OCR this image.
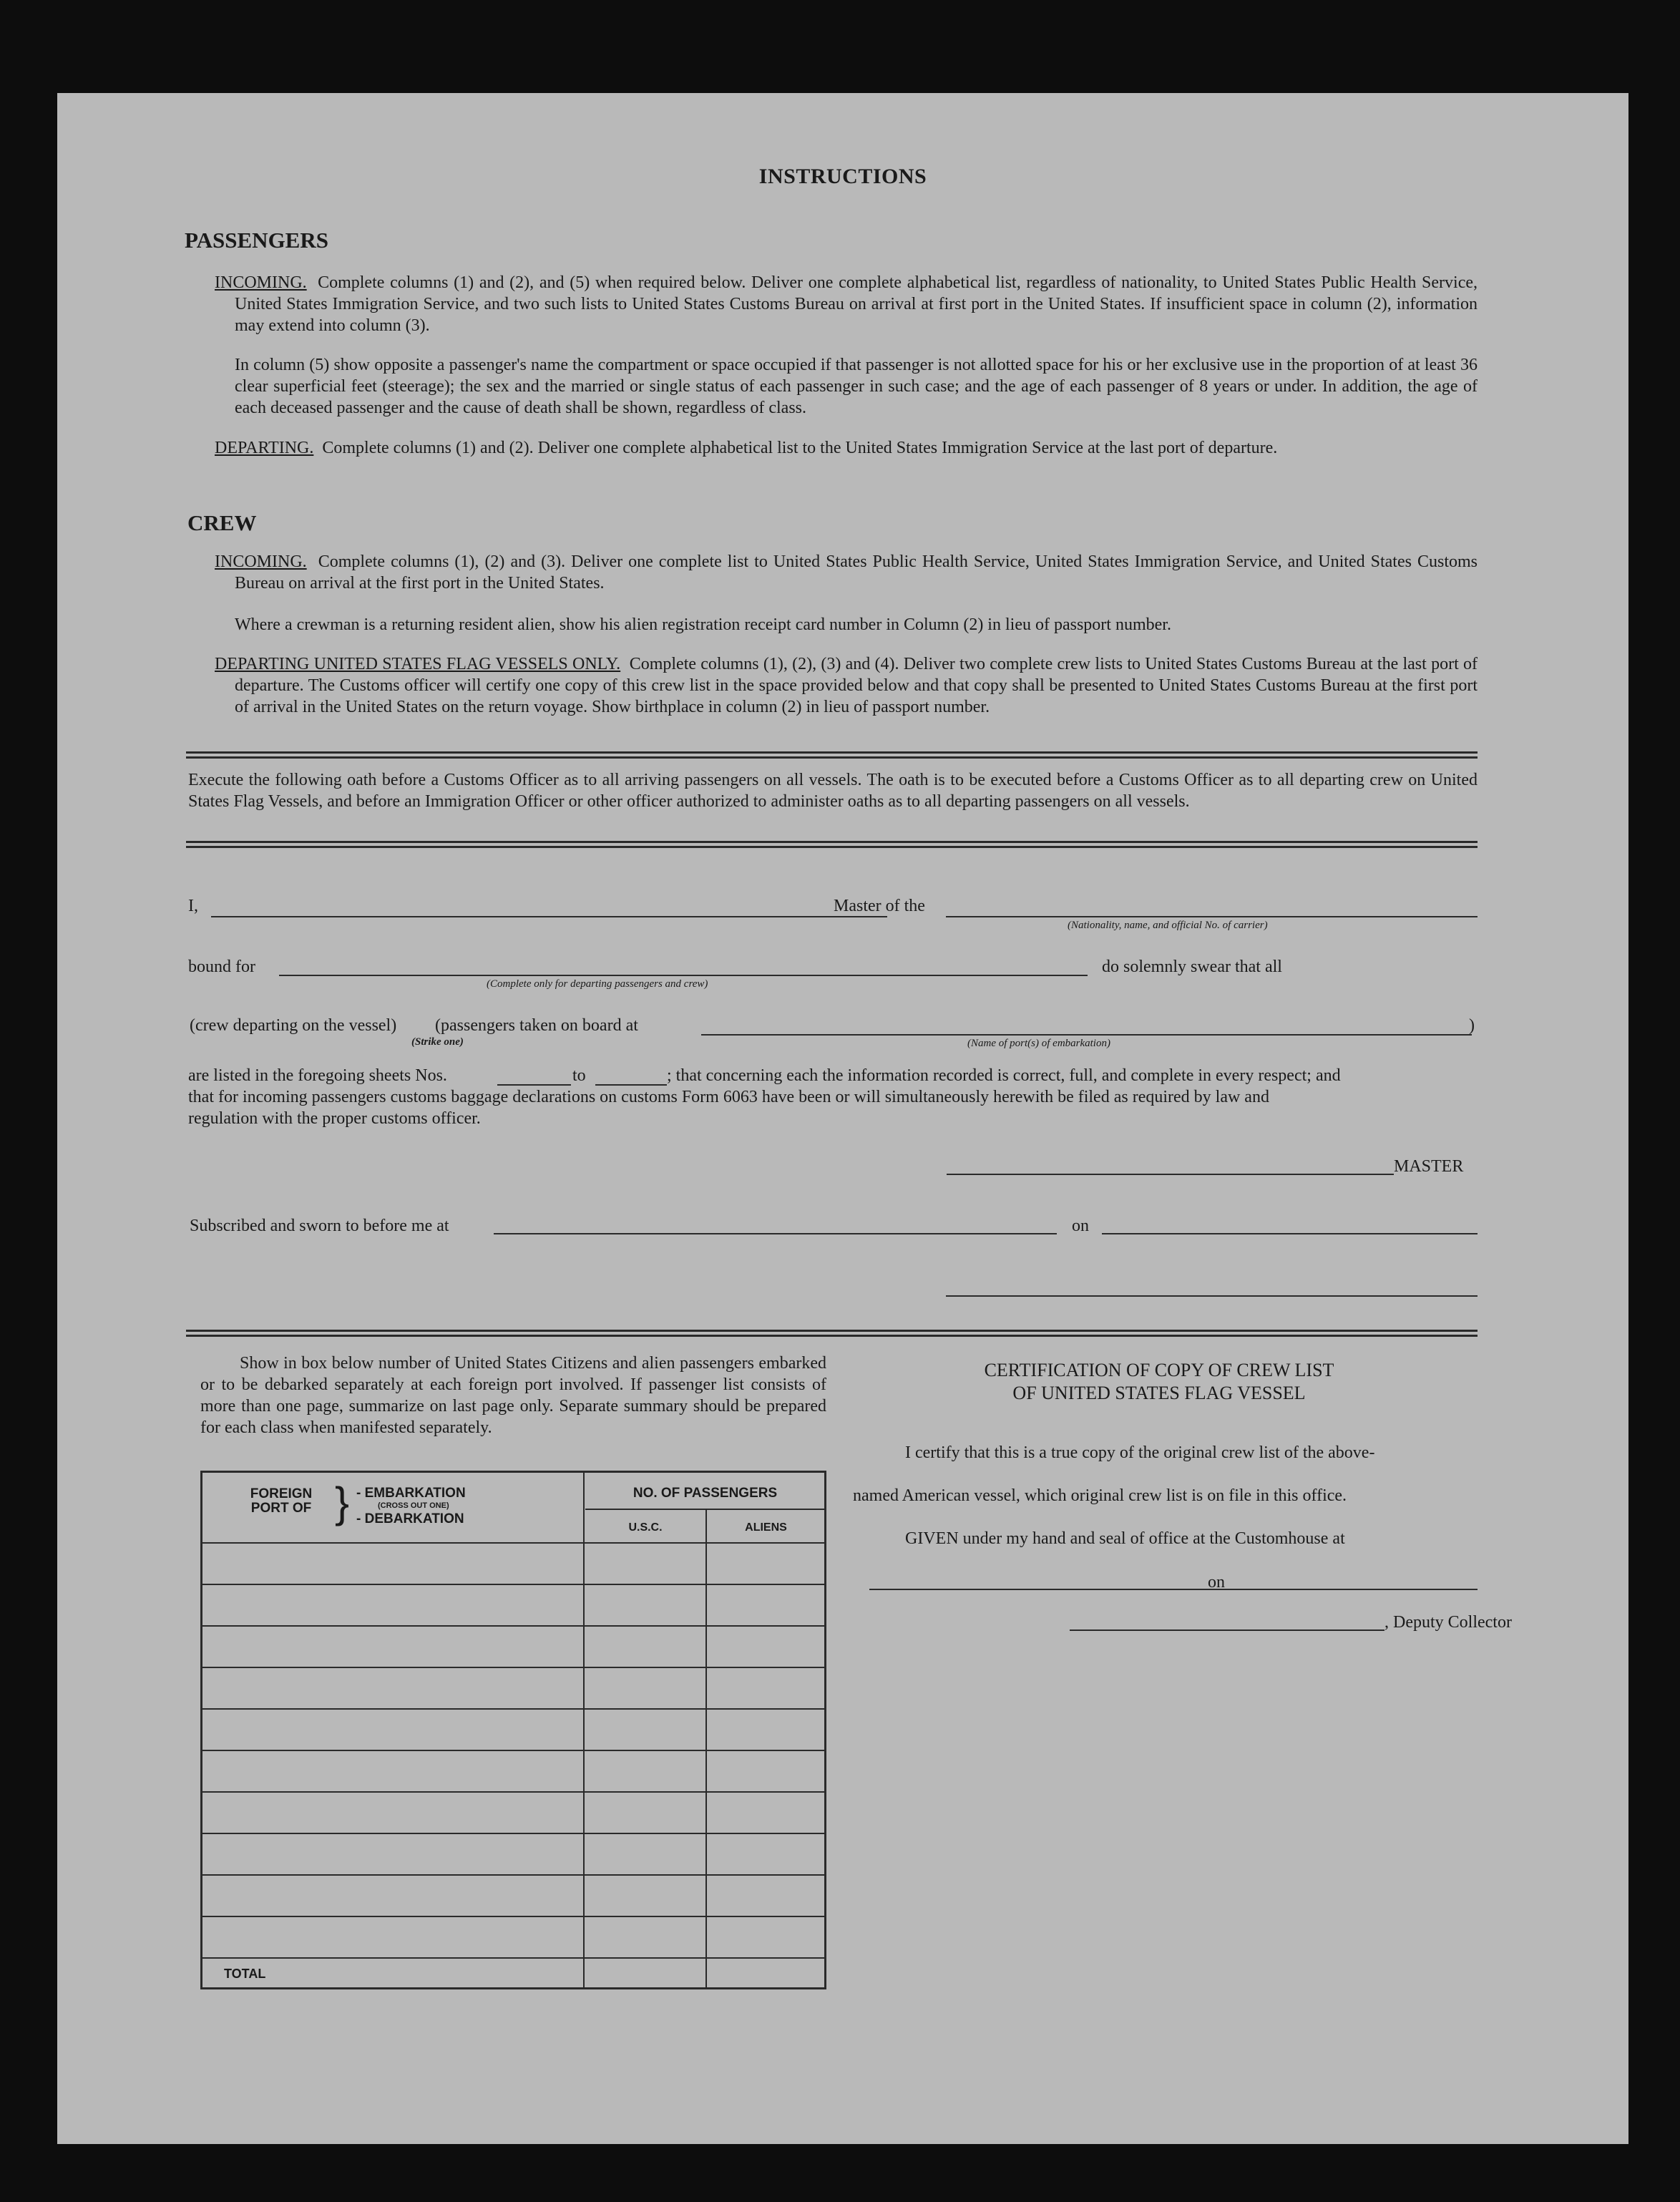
INSTRUCTIONS
PASSENGERS
INCOMING. Complete columns (1) and (2), and (5) when required below. Deliver one complete alphabetical list, regardless of nationality, to United States Public Health Service, United States Immigration Service, and two such lists to United States Customs Bureau on arrival at first port in the United States. If insufficient space in column (2), information may extend into column (3).
In column (5) show opposite a passenger's name the compartment or space occupied if that passenger is not allotted space for his or her exclusive use in the proportion of at least 36 clear superficial feet (steerage); the sex and the married or single status of each passenger in such case; and the age of each passenger of 8 years or under. In addition, the age of each deceased passenger and the cause of death shall be shown, regardless of class.
DEPARTING. Complete columns (1) and (2). Deliver one complete alphabetical list to the United States Immigration Service at the last port of departure.
CREW
INCOMING. Complete columns (1), (2) and (3). Deliver one complete list to United States Public Health Service, United States Immigration Service, and United States Customs Bureau on arrival at the first port in the United States.
Where a crewman is a returning resident alien, show his alien registration receipt card number in Column (2) in lieu of passport number.
DEPARTING UNITED STATES FLAG VESSELS ONLY. Complete columns (1), (2), (3) and (4). Deliver two complete crew lists to United States Customs Bureau at the last port of departure. The Customs officer will certify one copy of this crew list in the space provided below and that copy shall be presented to United States Customs Bureau at the first port of arrival in the United States on the return voyage. Show birthplace in column (2) in lieu of passport number.
Execute the following oath before a Customs Officer as to all arriving passengers on all vessels. The oath is to be executed before a Customs Officer as to all departing crew on United States Flag Vessels, and before an Immigration Officer or other officer authorized to administer oaths as to all departing passengers on all vessels.
I,	Master of the
(Nationality, name, and official No. of carrier)
bound for
(Complete only for departing passengers and crew)
do solemnly swear that all
(crew departing on the vessel) (passengers taken on board at
(Strike one)	(Name of port(s) of embarkation)
)
are listed in the foregoing sheets Nos.	to	; that concerning each the information recorded is correct, full, and complete in every respect; and
that for incoming passengers customs baggage declarations on customs Form 6063 have been or will simultaneously herewith be filed as required by law and
regulation with the proper customs officer.
MASTER
Subscribed and sworn to before me at	on
Show in box below number of United States Citizens and alien passengers embarked or to be debarked separately at each foreign port involved. If passenger list consists of more than one page, summarize on last page only. Separate summary should be prepared for each class when manifested separately.
FOREIGN PORT OF } - EMBARKATION
(CROSS OUT ONE)
- DEBARKATION
NO. OF PASSENGERS
U.S.C.	ALIENS
TOTAL
CERTIFICATION OF COPY OF CREW LIST
OF UNITED STATES FLAG VESSEL
I certify that this is a true copy of the original crew list of the above-
named American vessel, which original crew list is on file in this office.
GIVEN under my hand and seal of office at the Customhouse at
on
, Deputy Collector
